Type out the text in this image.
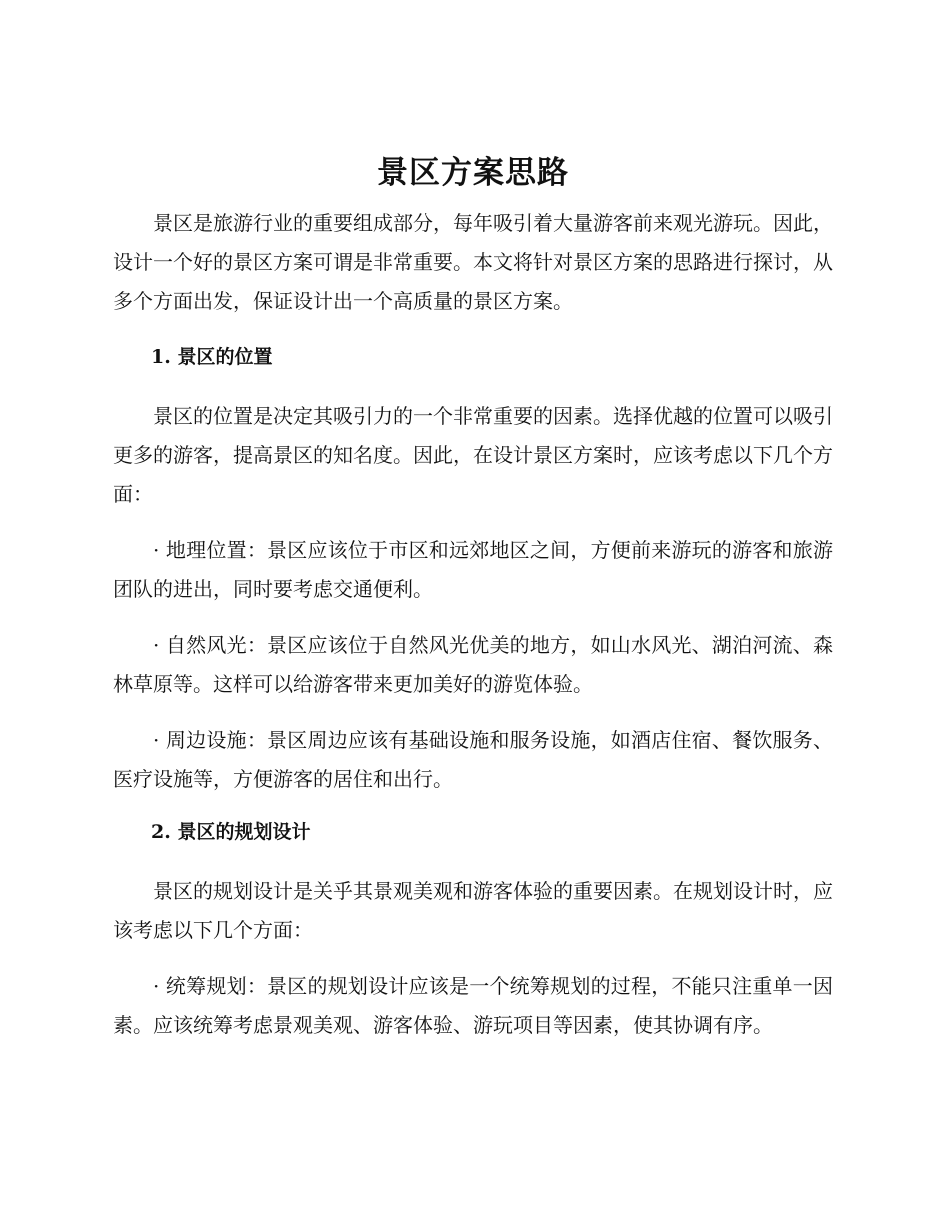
景区方案思路

景区是旅游行业的重要组成部分，每年吸引着大量游客前来观光游玩。因此，设计一个好的景区方案可谓是非常重要。本文将针对景区方案的思路进行探讨，从多个方面出发，保证设计出一个高质量的景区方案。

1. 景区的位置

景区的位置是决定其吸引力的一个非常重要的因素。选择优越的位置可以吸引更多的游客，提高景区的知名度。因此，在设计景区方案时，应该考虑以下几个方面：

· 地理位置：景区应该位于市区和远郊地区之间，方便前来游玩的游客和旅游团队的进出，同时要考虑交通便利。

· 自然风光：景区应该位于自然风光优美的地方，如山水风光、湖泊河流、森林草原等。这样可以给游客带来更加美好的游览体验。

· 周边设施：景区周边应该有基础设施和服务设施，如酒店住宿、餐饮服务、医疗设施等，方便游客的居住和出行。

2. 景区的规划设计

景区的规划设计是关乎其景观美观和游客体验的重要因素。在规划设计时，应该考虑以下几个方面：

· 统筹规划：景区的规划设计应该是一个统筹规划的过程，不能只注重单一因素。应该统筹考虑景观美观、游客体验、游玩项目等因素，使其协调有序。
